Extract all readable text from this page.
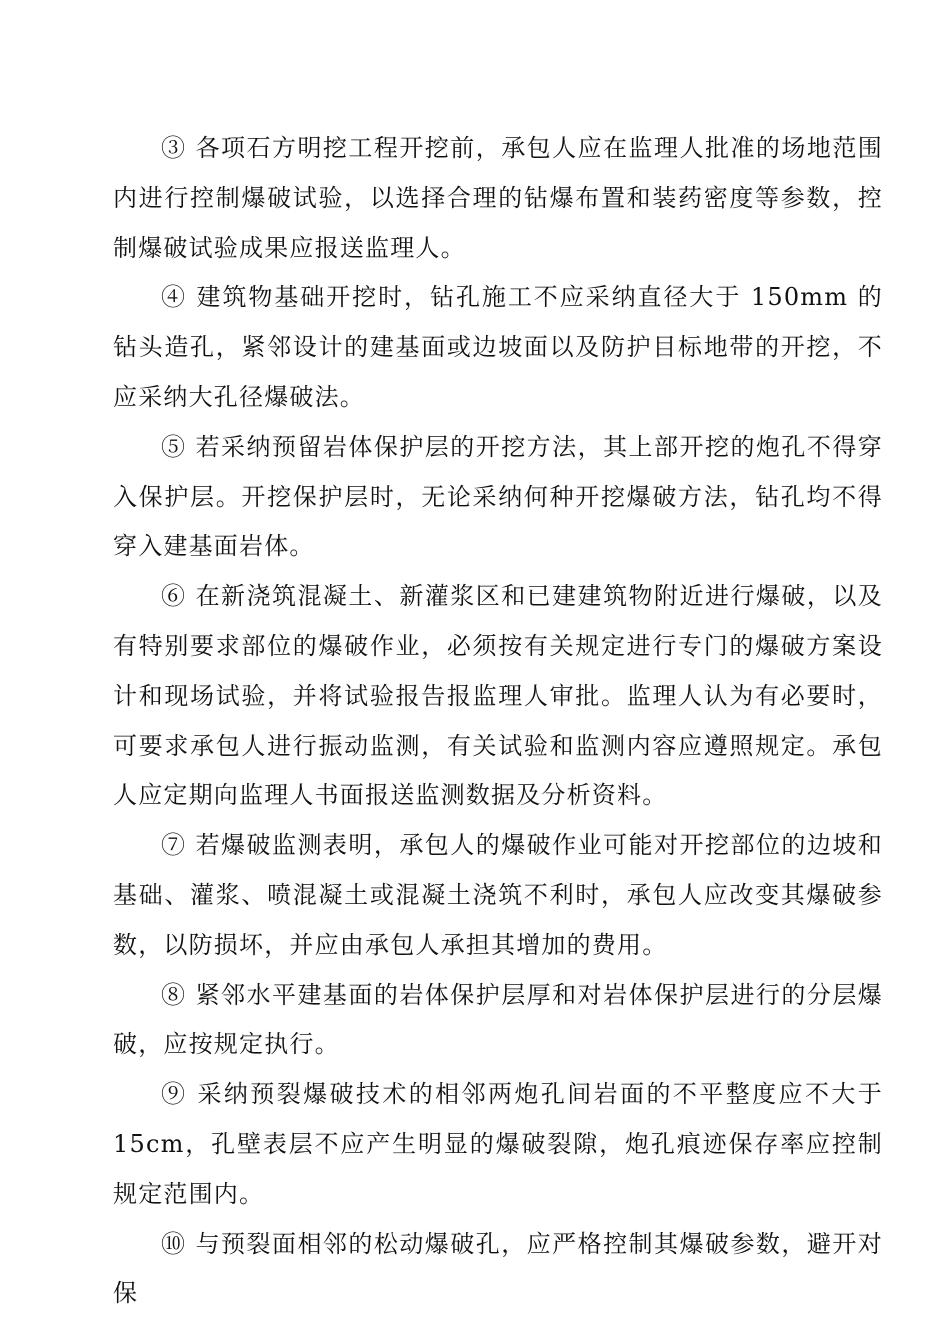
③ 各项石方明挖工程开挖前，承包人应在监理人批准的场地范围内进行控制爆破试验，以选择合理的钻爆布置和装药密度等参数，控制爆破试验成果应报送监理人。

④ 建筑物基础开挖时，钻孔施工不应采纳直径大于 150mm 的钻头造孔，紧邻设计的建基面或边坡面以及防护目标地带的开挖，不应采纳大孔径爆破法。

⑤ 若采纳预留岩体保护层的开挖方法，其上部开挖的炮孔不得穿入保护层。开挖保护层时，无论采纳何种开挖爆破方法，钻孔均不得穿入建基面岩体。

⑥ 在新浇筑混凝土、新灌浆区和已建建筑物附近进行爆破，以及有特别要求部位的爆破作业，必须按有关规定进行专门的爆破方案设计和现场试验，并将试验报告报监理人审批。监理人认为有必要时，可要求承包人进行振动监测，有关试验和监测内容应遵照规定。承包人应定期向监理人书面报送监测数据及分析资料。

⑦ 若爆破监测表明，承包人的爆破作业可能对开挖部位的边坡和基础、灌浆、喷混凝土或混凝土浇筑不利时，承包人应改变其爆破参数，以防损坏，并应由承包人承担其增加的费用。

⑧ 紧邻水平建基面的岩体保护层厚和对岩体保护层进行的分层爆破，应按规定执行。

⑨ 采纳预裂爆破技术的相邻两炮孔间岩面的不平整度应不大于 15cm，孔壁表层不应产生明显的爆破裂隙，炮孔痕迹保存率应控制规定范围内。

⑩ 与预裂面相邻的松动爆破孔，应严格控制其爆破参数，避开对保
